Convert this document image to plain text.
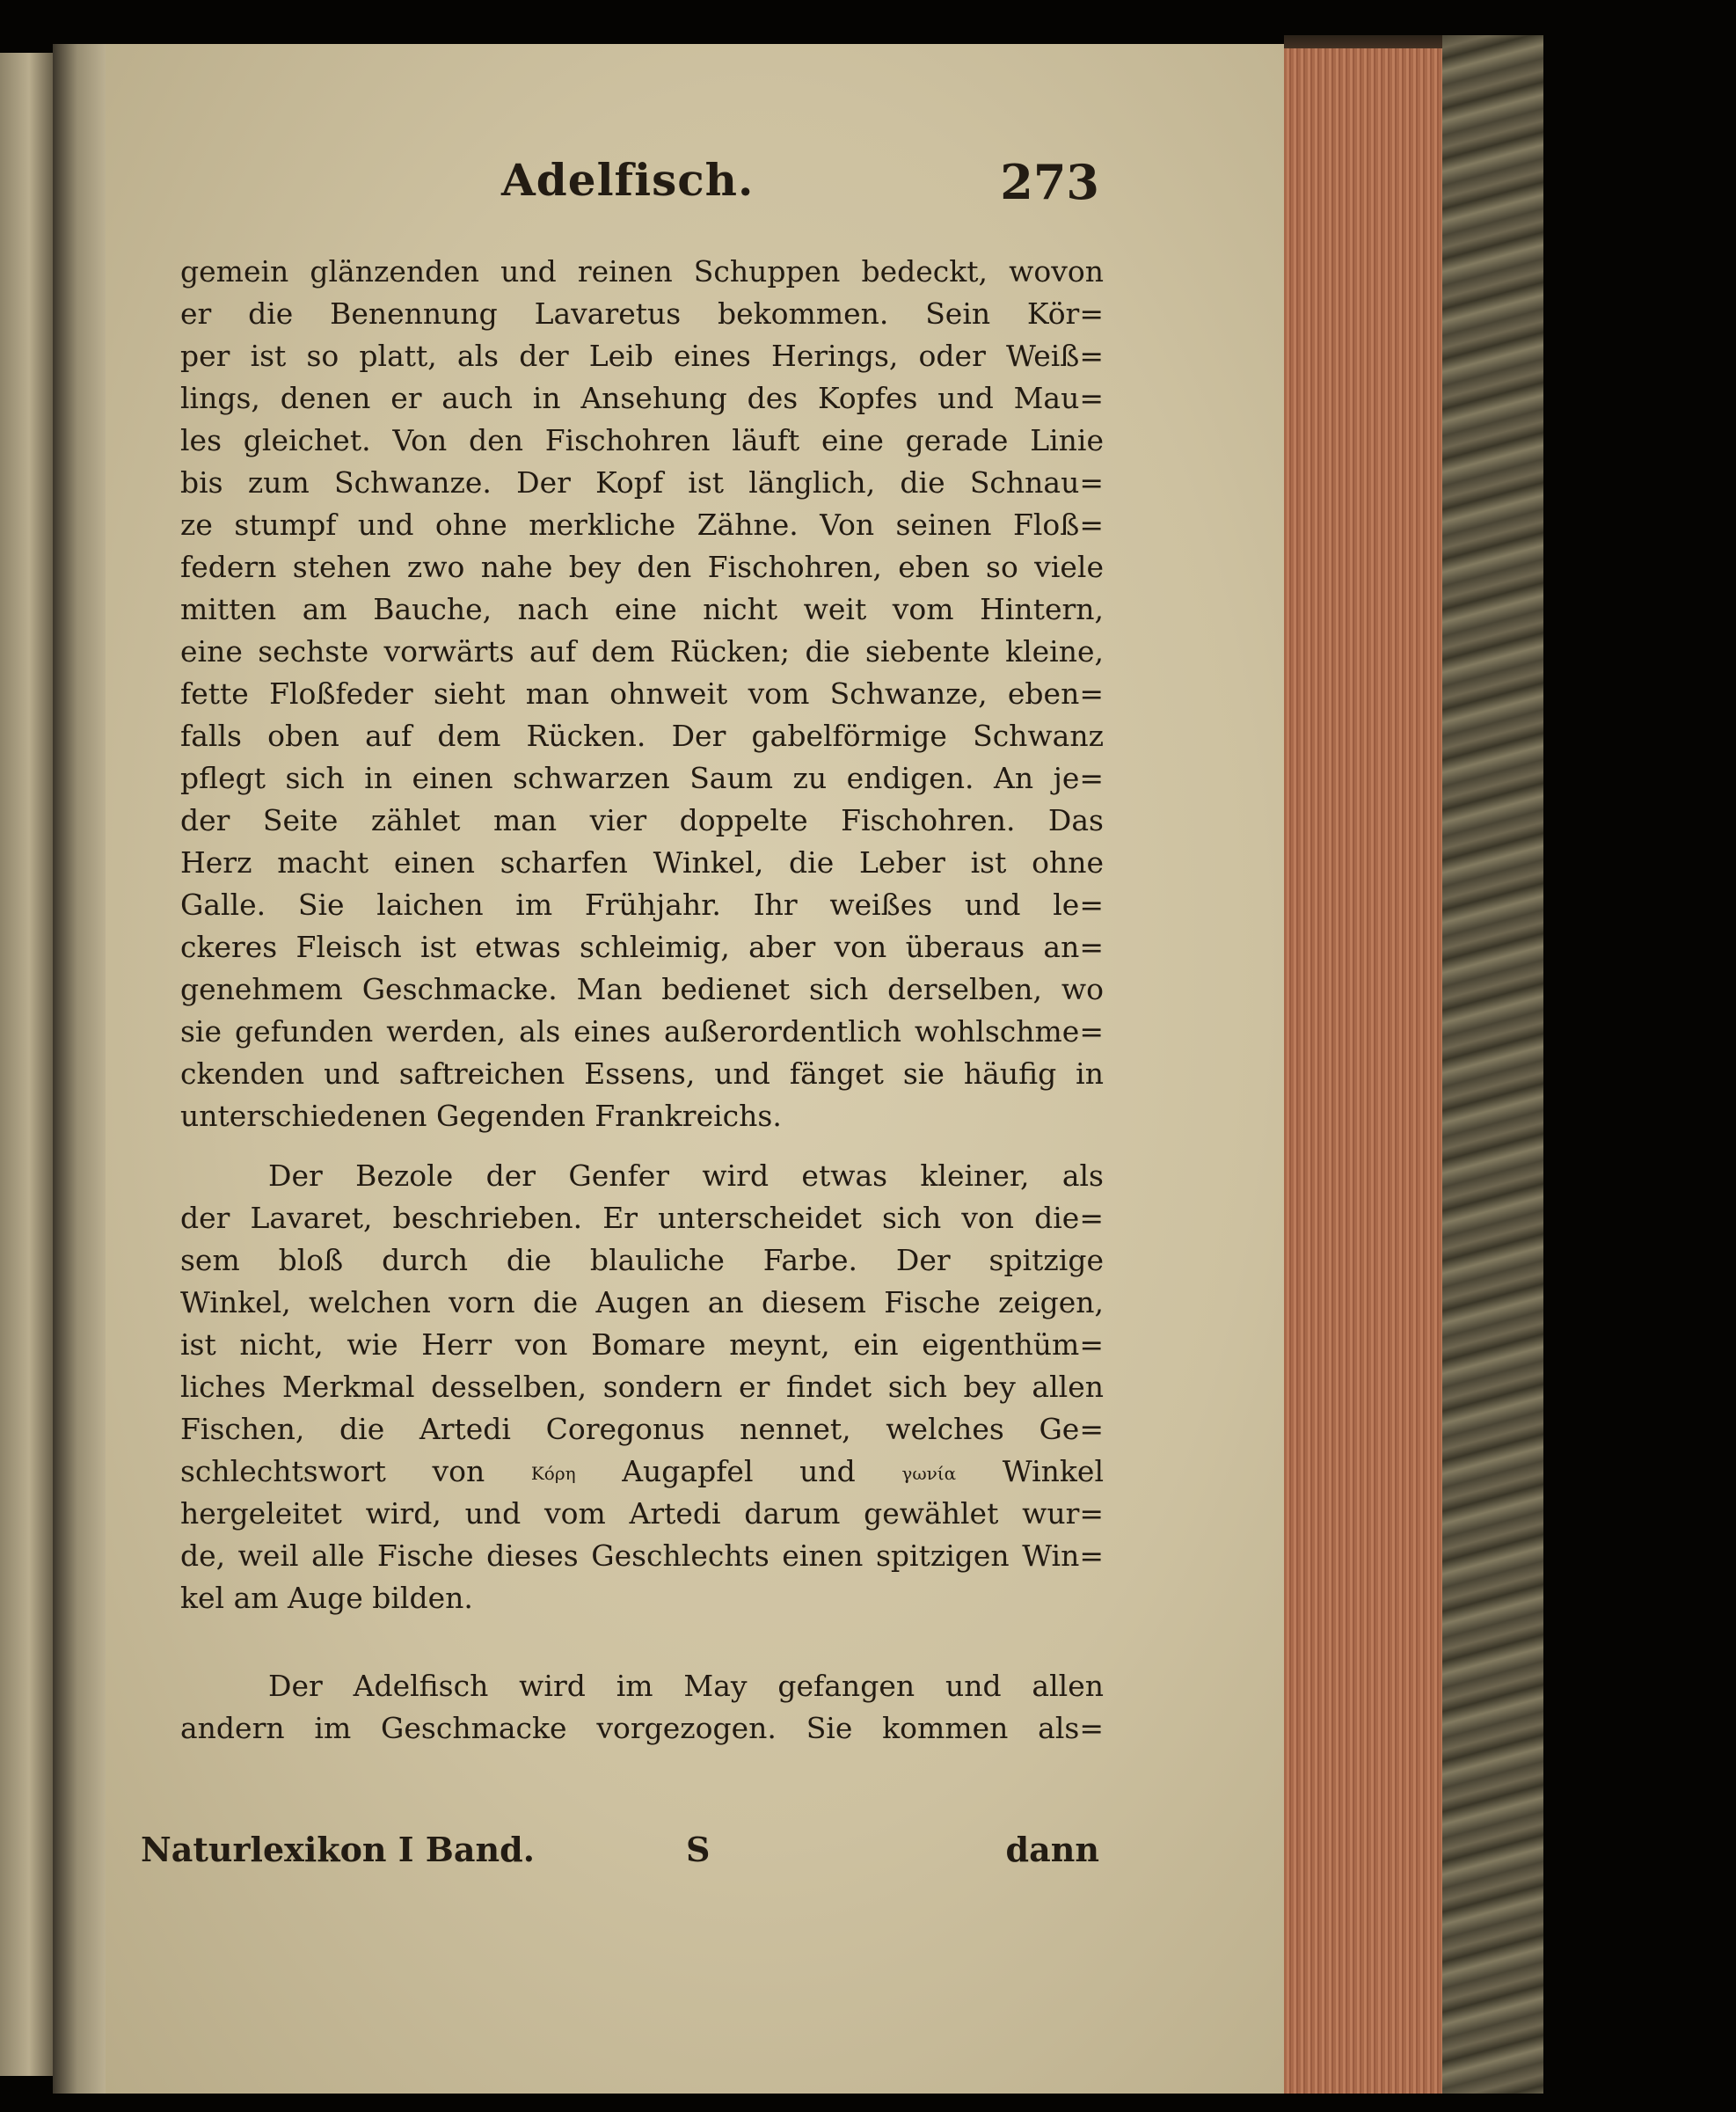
Adelfisch.	273
gemein glänzenden und reinen Schuppen bedeckt, wovon
er die Benennung Lavaretus bekommen. Sein Kör=
per ist so platt, als der Leib eines Herings, oder Weiß=
lings, denen er auch in Ansehung des Kopfes und Mau=
les gleichet. Von den Fischohren läuft eine gerade Linie
bis zum Schwanze. Der Kopf ist länglich, die Schnau=
ze stumpf und ohne merkliche Zähne. Von seinen Floß=
federn stehen zwo nahe bey den Fischohren, eben so viele
mitten am Bauche, nach eine nicht weit vom Hintern,
eine sechste vorwärts auf dem Rücken; die siebente kleine,
fette Floßfeder sieht man ohnweit vom Schwanze, eben=
falls oben auf dem Rücken. Der gabelförmige Schwanz
pflegt sich in einen schwarzen Saum zu endigen. An je=
der Seite zählet man vier doppelte Fischohren. Das
Herz macht einen scharfen Winkel, die Leber ist ohne
Galle. Sie laichen im Frühjahr. Ihr weißes und le=
ckeres Fleisch ist etwas schleimig, aber von überaus an=
genehmem Geschmacke. Man bedienet sich derselben, wo
sie gefunden werden, als eines außerordentlich wohlschme=
ckenden und saftreichen Essens, und fänget sie häufig in
unterschiedenen Gegenden Frankreichs.
Der Bezole der Genfer wird etwas kleiner, als
der Lavaret, beschrieben. Er unterscheidet sich von die=
sem bloß durch die blauliche Farbe. Der spitzige
Winkel, welchen vorn die Augen an diesem Fische zeigen,
ist nicht, wie Herr von Bomare meynt, ein eigenthüm=
liches Merkmal desselben, sondern er findet sich bey allen
Fischen, die Artedi Coregonus nennet, welches Ge=
schlechtswort von	Κόρη Augapfel und	γωνία Winkel
hergeleitet wird, und vom Artedi darum gewählet wur=
de, weil alle Fische dieses Geschlechts einen spitzigen Win=
kel am Auge bilden.
Der Adelfisch wird im May gefangen und allen
andern im Geschmacke vorgezogen. Sie kommen als=
Naturlexikon I Band.	S	dann
